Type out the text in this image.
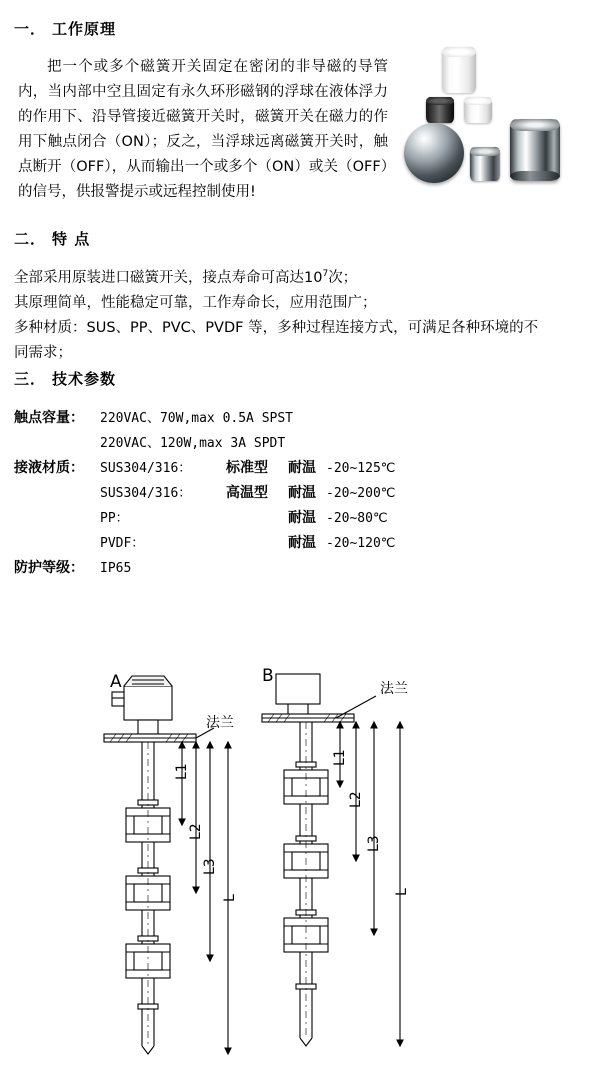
一． 工作原理
把一个或多个磁簧开关固定在密闭的非导磁的导管内，当内部中空且固定有永久环形磁钢的浮球在液体浮力的作用下、沿导管接近磁簧开关时，磁簧开关在磁力的作用下触点闭合（ON）；反之，当浮球远离磁簧开关时，触点断开（OFF），从而输出一个或多个（ON）或关（OFF）的信号，供报警提示或远程控制使用!
二． 特 点
全部采用原装进口磁簧开关，接点寿命可高达$10^7$次；
其原理简单，性能稳定可靠，工作寿命长，应用范围广；
多种材质：SUS、PP、PVC、PVDF 等，多种过程连接方式，可满足各种环境的不
同需求；
三． 技术参数
触点容量：	220VAC、70W,max 0.5A SPST
220VAC、120W,max 3A SPDT
接液材质：	SUS304/316：	标准型	耐温 -20~125℃
SUS304/316：	高温型	耐温 -20~200℃
PP：	耐温 -20~80℃
PVDF：	耐温 -20~120℃
防护等级：	IP65
A	B
法兰
法兰
L1
L2
L3
L
L1
L2
L3
L
